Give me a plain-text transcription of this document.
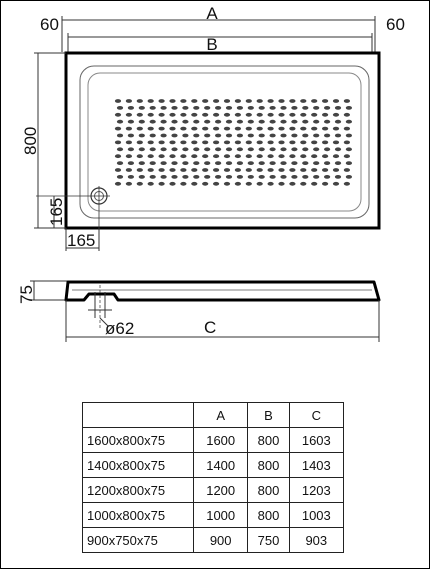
A
60	60
B
800
165
165
75
ø62	C
	A	B	C
1600x800x75	1600	800	1603
1400x800x75	1400	800	1403
1200x800x75	1200	800	1203
1000x800x75	1000	800	1003
900x750x75	900	750	903
